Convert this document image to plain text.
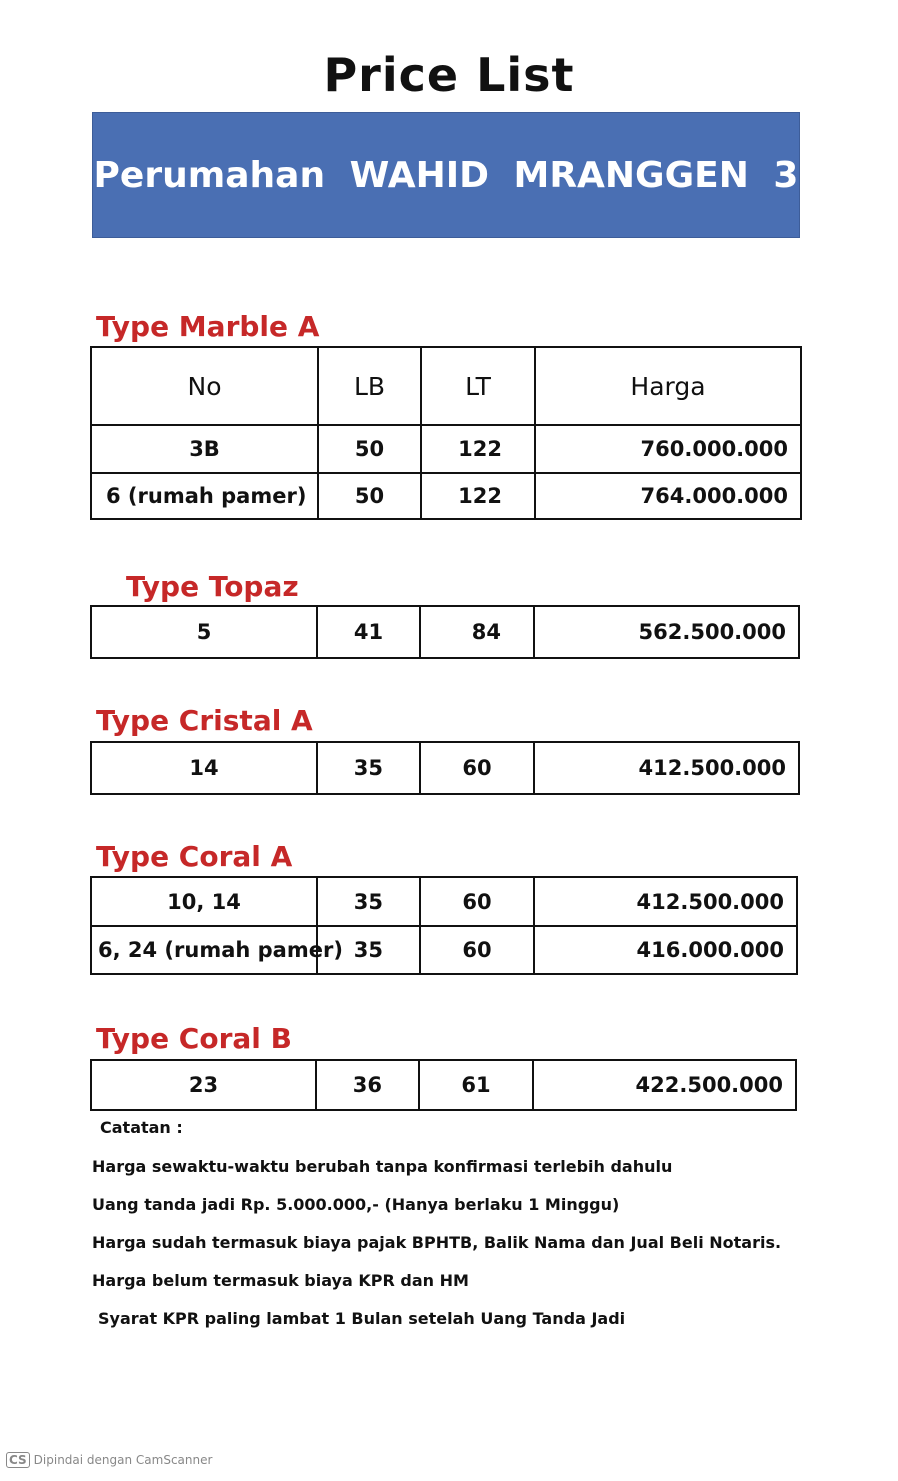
Price List
Perumahan WAHID MRANGGEN 3
Type Marble A
No	LB	LT	Harga
3B	50	122	760.000.000
6 (rumah pamer)	50	122	764.000.000
Type Topaz
5	41	84	562.500.000
Type Cristal A
14	35	60	412.500.000
Type Coral A
10, 14	35	60	412.500.000
6, 24 (rumah pamer)	35	60	416.000.000
Type Coral B
23	36	61	422.500.000
Catatan :
Harga sewaktu-waktu berubah tanpa konfirmasi terlebih dahulu
Uang tanda jadi Rp. 5.000.000,- (Hanya berlaku 1 Minggu)
Harga sudah termasuk biaya pajak BPHTB, Balik Nama dan Jual Beli Notaris.
Harga belum termasuk biaya KPR dan HM
Syarat KPR paling lambat 1 Bulan setelah Uang Tanda Jadi
CS Dipindai dengan CamScanner
